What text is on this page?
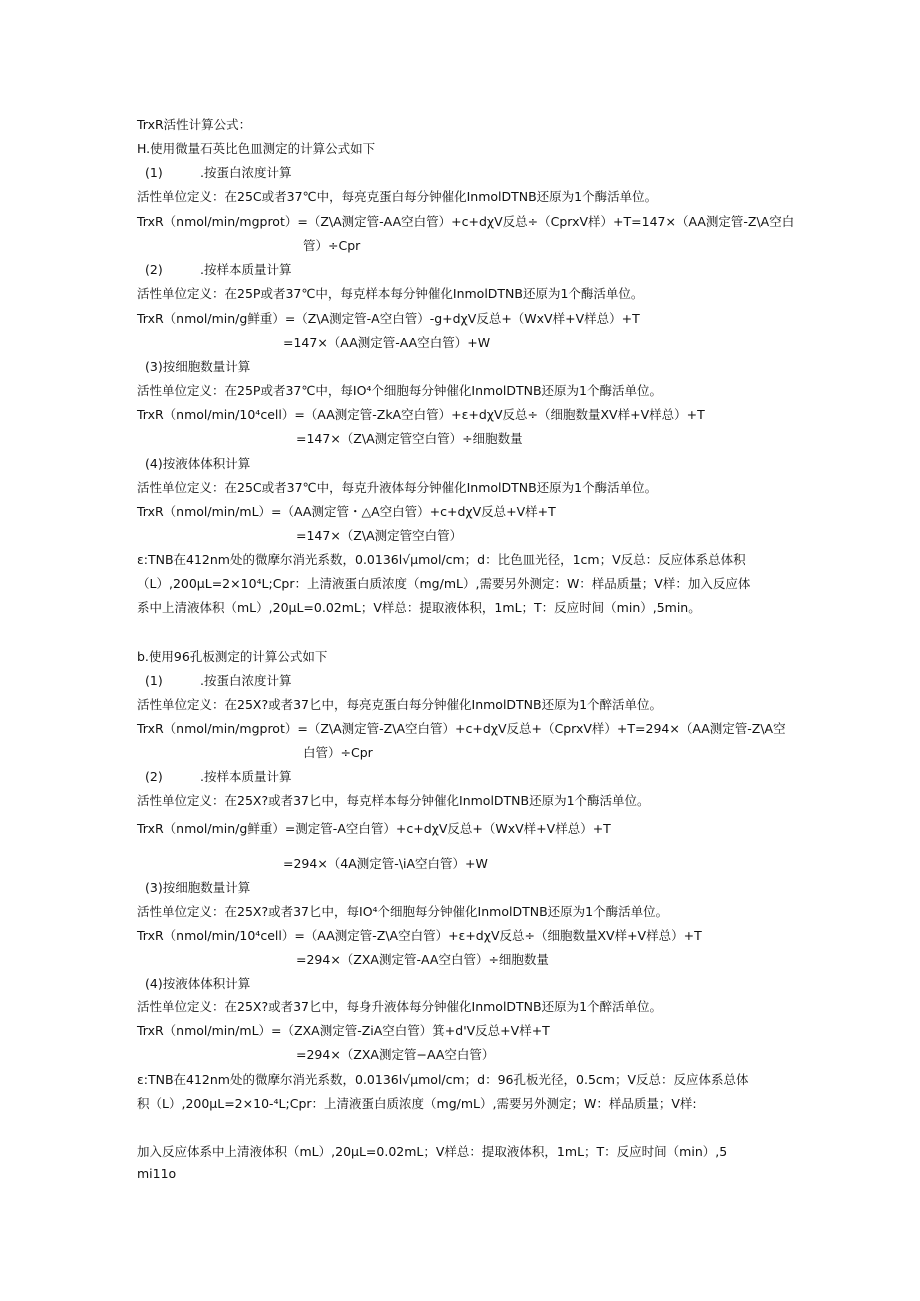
TrxR活性计算公式：
H.使用微量石英比色皿测定的计算公式如下
(1)	.按蛋白浓度计算
活性单位定义：在25C或者37℃中，每亮克蛋白每分钟催化InmolDTNB还原为1个酶活单位。
TrxR（nmol/min/mgprot）=（Z\A测定管-AA空白管）+c+dχV反总÷（CprxV样）+T=147×（AA测定管-Z\A空白
管）÷Cpr
(2)	.按样本质量计算
活性单位定义：在25P或者37℃中，每克样本每分钟催化InmolDTNB还原为1个酶活单位。
TrxR（nmol/min/g鲜重）=（Z\A测定管-A空白管）-g+dχV反总+（WxV样+V样总）+T
=147×（AA测定管-AA空白管）+W
(3)按细胞数量计算
活性单位定义：在25P或者37℃中，每IO⁴个细胞每分钟催化InmolDTNB还原为1个酶活单位。
TrxR（nmol/min/10⁴cell）=（AA测定管-ZkA空白管）+ε+dχV反总÷（细胞数量XV样+V样总）+T
=147×（Z\A测定管空白管）÷细胞数量
(4)按液体体积计算
活性单位定义：在25C或者37℃中，每克升液体每分钟催化InmolDTNB还原为1个酶活单位。
TrxR（nmol/min/mL）=（AA测定管・△A空白管）+c+dχV反总+V样+T
=147×（Z\A测定管空白管）
ε:TNB在412nm处的微摩尔消光系数，0.0136l√μmol/cm；d：比色皿光径，1cm；V反总：反应体系总体积
（L）,200μL=2×10⁴L;Cpr：上清液蛋白质浓度（mg/mL）,需要另外测定：W：样品质量；V样：加入反应体
系中上清液体积（mL）,20μL=0.02mL；V样总：提取液体积，1mL；T：反应时间（min）,5min。
b.使用96孔板测定的计算公式如下
(1)	.按蛋白浓度计算
活性单位定义：在25X?或者37匕中，每亮克蛋白每分钟催化InmolDTNB还原为1个醉活单位。
TrxR（nmol/min/mgprot）=（Z\A测定管-Z\A空白管）+c+dχV反总+（CprxV样）+T=294×（AA测定管-Z\A空
白管）÷Cpr
(2)	.按样本质量计算
活性单位定义：在25X?或者37匕中，每克样本每分钟催化InmolDTNB还原为1个酶活单位。
TrxR（nmol/min/g鲜重）=测定管-A空白管）+c+dχV反总+（WxV样+V样总）+T
=294×（4A测定管-\iA空白管）+W
(3)按细胞数量计算
活性单位定义：在25X?或者37匕中，每IO⁴个细胞每分钟催化InmolDTNB还原为1个酶活单位。
TrxR（nmol/min/10⁴cell）=（AA测定管-Z\A空白管）+ε+dχV反总÷（细胞数量XV样+V样总）+T
=294×（ZXA测定管-AA空白管）÷细胞数量
(4)按液体体积计算
活性单位定义：在25X?或者37匕中，每身升液体每分钟催化InmolDTNB还原为1个醉活单位。
TrxR（nmol/min/mL）=（ZXA测定管-ZiA空白管）箕+d'V反总+V样+T
=294×（ZXA测定管−AA空白管）
ε:TNB在412nm处的微摩尔消光系数，0.0136l√μmol/cm；d：96孔板光径，0.5cm；V反总：反应体系总体
积（L）,200μL=2×10-⁴L;Cpr：上清液蛋白质浓度（mg/mL）,需要另外测定；W：样品质量；V样:
加入反应体系中上清液体积（mL）,20μL=0.02mL；V样总：提取液体积，1mL；T：反应时间（min）,5
mi11o
